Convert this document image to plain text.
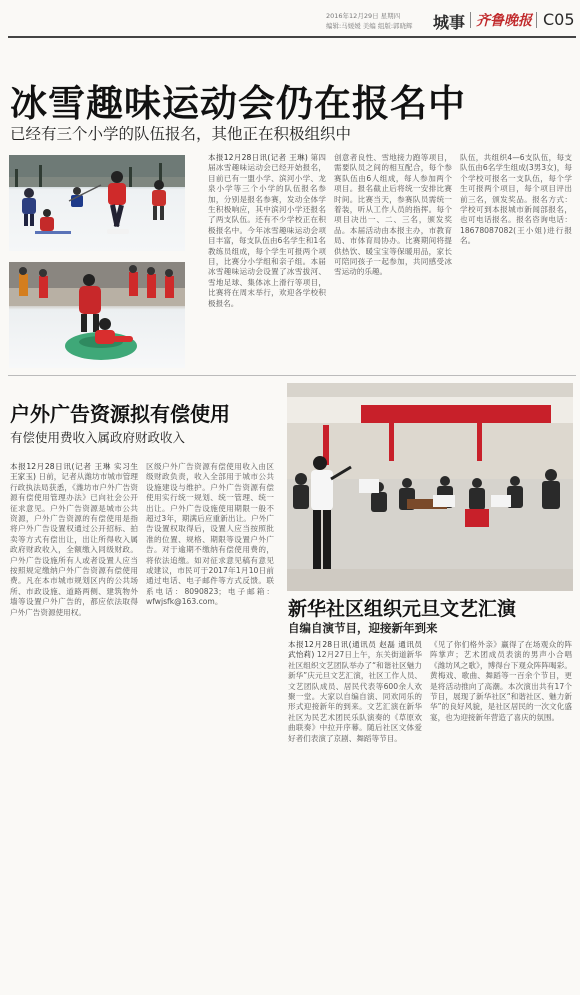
2016年12月29日 星期四
编辑:马媛媛 美编 组版:郭晓辉 城事 齐鲁晚报 C05
冰雪趣味运动会仍在报名中
已经有三个小学的队伍报名，其他正在积极组织中
本报12月28日讯(记者 王琳) 第四届冰雪趣味运动会已经开始报名，目前已有一盟小学、滨河小学、龙泉小学等三个小学的队伍报名参加，分别是报名参赛，发动全体学生积极响应，其中滨河小学还报名了两支队伍。还有不少学校正在积极报名中。今年冰雪趣味运动会项目丰富，每支队伍由6名学生和1名教练员组成，每个学生可报两个项目，比赛分小学组和亲子组。本届冰雪趣味运动会设置了冰雪拔河、雪地足球、集体冰上滑行等项目，比赛将在周末举行，欢迎各学校积极报名。
创意者良性、雪地接力跑等项目，需要队员之间的相互配合，每个参赛队伍由6人组成，每人参加两个项目。报名截止后将统一安排比赛时间。比赛当天，参赛队员需统一着装，听从工作人员的指挥。每个项目决出一、二、三名，颁发奖品。本届活动由本报主办，市教育局、市体育局协办。比赛期间将提供热饮、暖宝宝等保暖用品，家长可陪同孩子一起参加，共同感受冰雪运动的乐趣。
队伍，共组织4—6支队伍，每支队伍由6名学生组成(3男3女)，每个学校可报名一支队伍，每个学生可报两个项目，每个项目评出前三名，颁发奖品。报名方式：学校可到本报城市新闻部报名，也可电话报名。报名咨询电话：18678087082(王小姐)进行报名。
户外广告资源拟有偿使用
有偿使用费收入属政府财政收入
本报12月28日讯(记者 王琳 实习生 王家玉) 日前，记者从潍坊市城市管理行政执法局获悉，《潍坊市户外广告资源有偿使用管理办法》已向社会公开征求意见。户外广告资源是城市公共资源，户外广告资源的有偿使用是指将户外广告设置权通过公开招标、拍卖等方式有偿出让，出让所得收入属政府财政收入，全额缴入同级财政。户外广告设施所有人或者设置人应当按照规定缴纳户外广告资源有偿使用费。凡在本市城市规划区内的公共场所、市政设施、道路两侧、建筑物外墙等设置户外广告的，都应依法取得户外广告资源使用权。
区级户外广告资源有偿使用收入由区级财政负责，收入全部用于城市公共设施建设与维护。户外广告资源有偿使用实行统一规划、统一管理、统一出让。户外广告设施使用期限一般不超过3年，期满后应重新出让。户外广告设置权取得后，设置人应当按照批准的位置、规格、期限等设置户外广告。对于逾期不缴纳有偿使用费的，将依法追缴。如对征求意见稿有意见或建议，市民可于2017年1月10日前通过电话、电子邮件等方式反馈。联系电话：8090823；电子邮箱：wfwjsfk@163.com。	新华社区组织元旦文艺汇演
自编自演节目，迎接新年到来
本报12月28日讯(通讯员 赵磊 通讯员 武怡莉) 12月27日上午，东关街道新华社区组织文艺团队举办了“和谐社区魅力新华”庆元旦文艺汇演，社区工作人员、文艺团队成员、居民代表等600余人欢聚一堂。大家以自编自演、同欢同乐的形式迎接新年的到来。文艺汇演在新华社区为民艺术团民乐队演奏的《草原欢曲联奏》中拉开序幕。随后社区文体爱好者们表演了京剧、舞蹈等节目。
《见了你们格外亲》赢得了在场观众的阵阵掌声；艺术团成员表演的男声小合唱《潍坊风之歌》，博得台下观众阵阵喝彩。黄梅戏、歌曲、舞蹈等一百余个节目，更是将活动推向了高潮。本次演出共有17个节目，展现了新华社区“和谐社区、魅力新华”的良好风貌，是社区居民的一次文化盛宴，也为迎接新年营造了喜庆的氛围。
